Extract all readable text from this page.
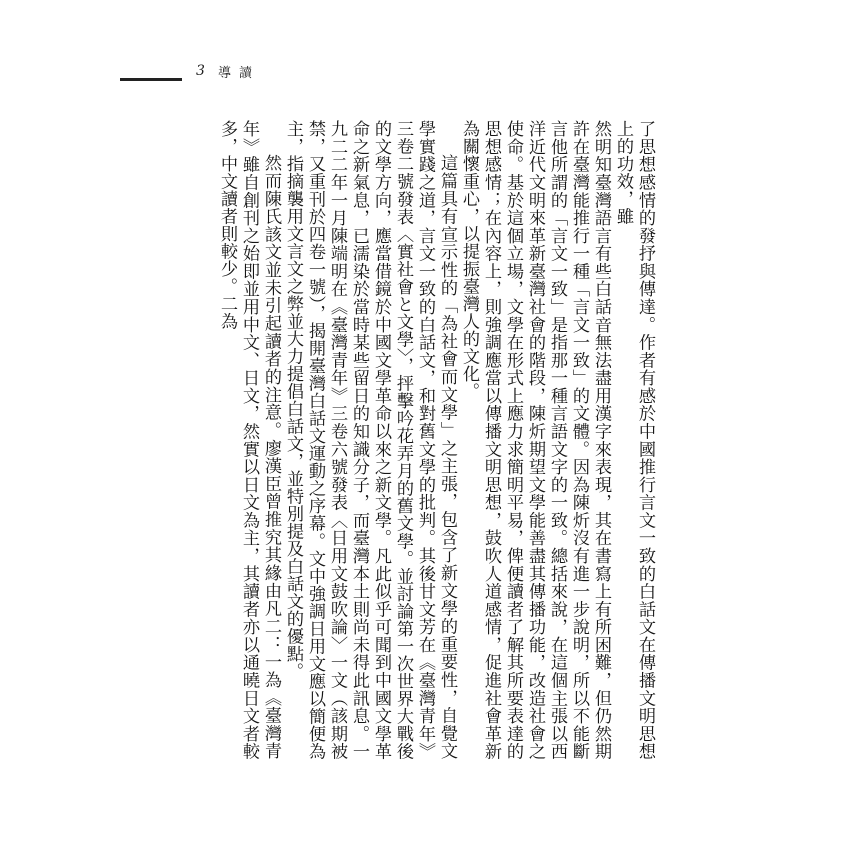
3 導讀

了思想感情的發抒與傳達。作者有感於中國推行言文一致的白話文在傳播文明思想上的功效，雖

然明知臺灣語言有些白話音無法盡用漢字來表現，其在書寫上有所困難，但仍然期許在臺灣能推行一種「言文一致」的文體。因為陳炘沒有進一步說明，所以不能斷言他所謂的「言文一致」是指那一種言語文字的一致。總括來說，在這個主張以西洋近代文明來革新臺灣社會的階段，陳炘期望文學能善盡其傳播功能，改造社會之使命。基於這個立場，文學在形式上應力求簡明平易，俾便讀者了解其所要表達的思想感情；在內容上，則強調應當以傳播文明思想，鼓吹人道感情，促進社會革新為關懷重心，以提振臺灣人的文化。

這篇具有宣示性的「為社會而文學」之主張，包含了新文學的重要性，自覺文學實踐之道，言文一致的白話文，和對舊文學的批判。其後甘文芳在《臺灣青年》三卷二號發表〈實社會と文學〉，抨擊吟花弄月的舊文學。並討論第一次世界大戰後的文學方向，應當借鏡於中國文學革命以來之新文學。凡此似乎可聞到中國文學革命之新氣息，已濡染於當時某些留日的知識分子，而臺灣本土則尚未得此訊息。一九二二年一月陳端明在《臺灣青年》三卷六號發表〈日用文鼓吹論〉一文（該期被禁，又重刊於四卷一號），揭開臺灣白話文運動之序幕。文中強調日用文應以簡便為主，指摘襲用文言文之弊並大力提倡白話文，並特別提及白話文的優點。

然而陳氏該文並未引起讀者的注意。廖漢臣曾推究其緣由凡二：一為《臺灣青年》雖自創刊之始即並用中文、日文，然實以日文為主，其讀者亦以通曉日文者較多，中文讀者則較少。二為
